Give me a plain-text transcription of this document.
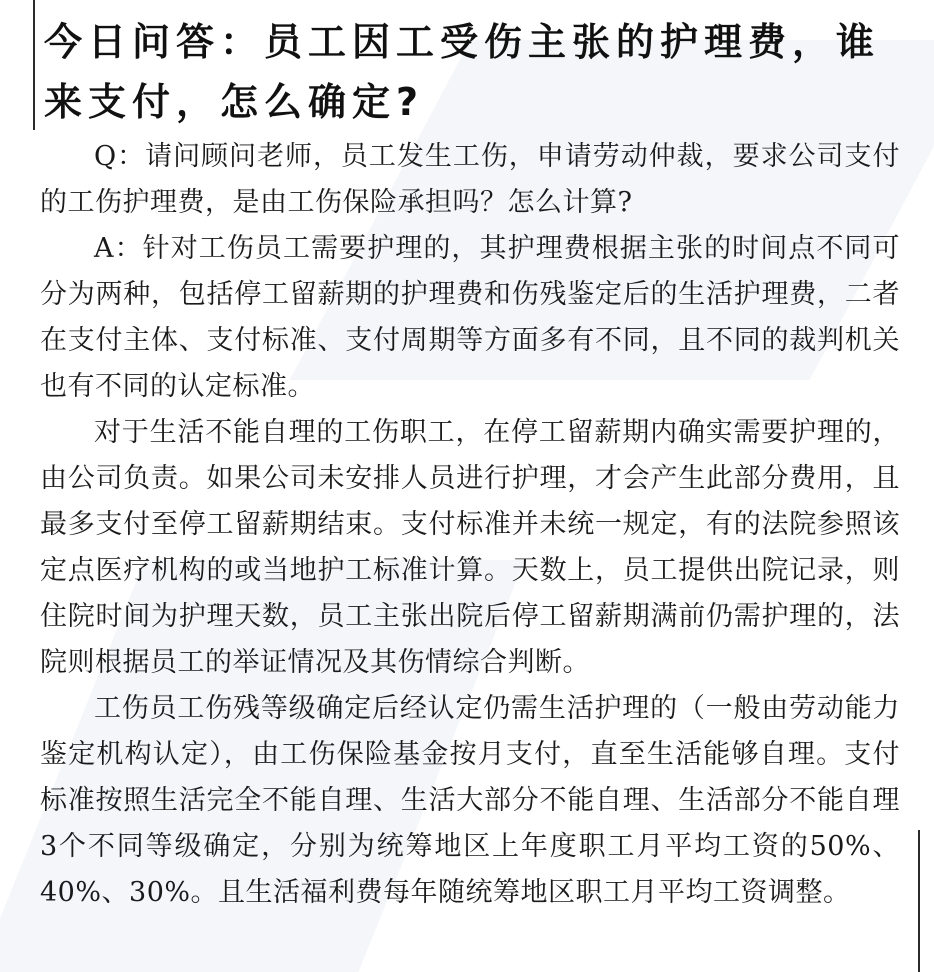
今日问答：员工因工受伤主张的护理费，谁来支付，怎么确定?

Q：请问顾问老师，员工发生工伤，申请劳动仲裁，要求公司支付的工伤护理费，是由工伤保险承担吗？怎么计算?

A：针对工伤员工需要护理的，其护理费根据主张的时间点不同可分为两种，包括停工留薪期的护理费和伤残鉴定后的生活护理费，二者在支付主体、支付标准、支付周期等方面多有不同，且不同的裁判机关也有不同的认定标准。

对于生活不能自理的工伤职工，在停工留薪期内确实需要护理的，由公司负责。如果公司未安排人员进行护理，才会产生此部分费用，且最多支付至停工留薪期结束。支付标准并未统一规定，有的法院参照该定点医疗机构的或当地护工标准计算。天数上，员工提供出院记录，则住院时间为护理天数，员工主张出院后停工留薪期满前仍需护理的，法院则根据员工的举证情况及其伤情综合判断。

工伤员工伤残等级确定后经认定仍需生活护理的（一般由劳动能力鉴定机构认定），由工伤保险基金按月支付，直至生活能够自理。支付标准按照生活完全不能自理、生活大部分不能自理、生活部分不能自理3个不同等级确定，分别为统筹地区上年度职工月平均工资的50%、40%、30%。且生活福利费每年随统筹地区职工月平均工资调整。
